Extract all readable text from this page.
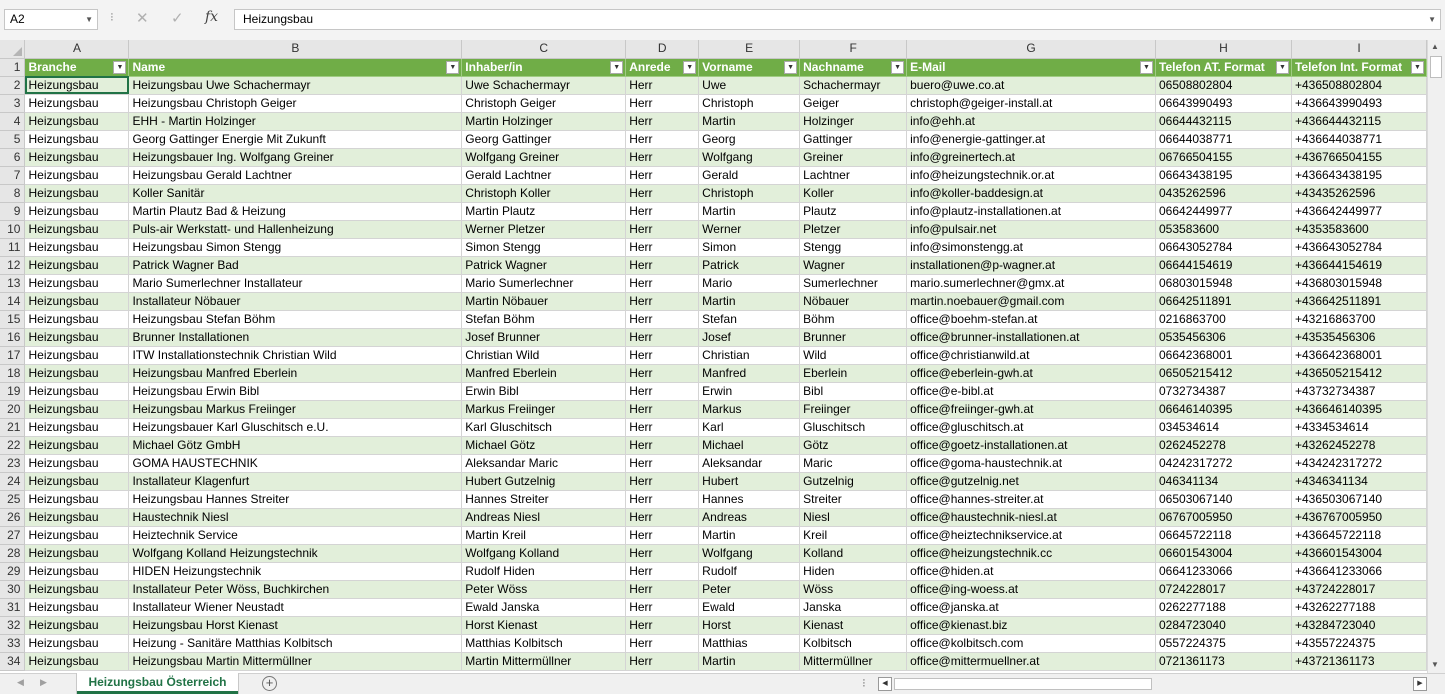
A2	▼ ⁝ ✕ ✓ fx	Heizungsbau	▼
	A	B	C	D	E	F	G	H	I
1	Branche ▼	Name ▼	Inhaber/in ▼	Anrede ▼	Vorname ▼	Nachname ▼	E-Mail ▼	Telefon AT. Format ▼	Telefon Int. Format ▼

2	Heizungsbau	Heizungsbau Uwe Schachermayr	Uwe Schachermayr	Herr	Uwe	Schachermayr	buero@uwe.co.at	06508802804	+436508802804
3	Heizungsbau	Heizungsbau Christoph Geiger	Christoph Geiger	Herr	Christoph	Geiger	christoph@geiger-install.at	06643990493	+436643990493
4	Heizungsbau	EHH - Martin Holzinger	Martin Holzinger	Herr	Martin	Holzinger	info@ehh.at	06644432115	+436644432115
5	Heizungsbau	Georg Gattinger Energie Mit Zukunft	Georg Gattinger	Herr	Georg	Gattinger	info@energie-gattinger.at	06644038771	+436644038771
6	Heizungsbau	Heizungsbauer Ing. Wolfgang Greiner	Wolfgang Greiner	Herr	Wolfgang	Greiner	info@greinertech.at	06766504155	+436766504155
7	Heizungsbau	Heizungsbau Gerald Lachtner	Gerald Lachtner	Herr	Gerald	Lachtner	info@heizungstechnik.or.at	06643438195	+436643438195
8	Heizungsbau	Koller Sanitär	Christoph Koller	Herr	Christoph	Koller	info@koller-baddesign.at	0435262596	+43435262596
9	Heizungsbau	Martin Plautz Bad & Heizung	Martin Plautz	Herr	Martin	Plautz	info@plautz-installationen.at	06642449977	+436642449977
10	Heizungsbau	Puls-air Werkstatt- und Hallenheizung	Werner Pletzer	Herr	Werner	Pletzer	info@pulsair.net	053583600	+4353583600
11	Heizungsbau	Heizungsbau Simon Stengg	Simon Stengg	Herr	Simon	Stengg	info@simonstengg.at	06643052784	+436643052784
12	Heizungsbau	Patrick Wagner Bad	Patrick Wagner	Herr	Patrick	Wagner	installationen@p-wagner.at	06644154619	+436644154619
13	Heizungsbau	Mario Sumerlechner Installateur	Mario Sumerlechner	Herr	Mario	Sumerlechner	mario.sumerlechner@gmx.at	06803015948	+436803015948
14	Heizungsbau	Installateur Nöbauer	Martin Nöbauer	Herr	Martin	Nöbauer	martin.noebauer@gmail.com	06642511891	+436642511891
15	Heizungsbau	Heizungsbau Stefan Böhm	Stefan Böhm	Herr	Stefan	Böhm	office@boehm-stefan.at	0216863700	+43216863700
16	Heizungsbau	Brunner Installationen	Josef Brunner	Herr	Josef	Brunner	office@brunner-installationen.at	0535456306	+43535456306
17	Heizungsbau	ITW Installationstechnik Christian Wild	Christian Wild	Herr	Christian	Wild	office@christianwild.at	06642368001	+436642368001
18	Heizungsbau	Heizungsbau Manfred Eberlein	Manfred Eberlein	Herr	Manfred	Eberlein	office@eberlein-gwh.at	06505215412	+436505215412
19	Heizungsbau	Heizungsbau Erwin Bibl	Erwin Bibl	Herr	Erwin	Bibl	office@e-bibl.at	0732734387	+43732734387
20	Heizungsbau	Heizungsbau Markus Freiinger	Markus Freiinger	Herr	Markus	Freiinger	office@freiinger-gwh.at	06646140395	+436646140395
21	Heizungsbau	Heizungsbauer Karl Gluschitsch e.U.	Karl Gluschitsch	Herr	Karl	Gluschitsch	office@gluschitsch.at	034534614	+4334534614
22	Heizungsbau	Michael Götz GmbH	Michael Götz	Herr	Michael	Götz	office@goetz-installationen.at	0262452278	+43262452278
23	Heizungsbau	GOMA HAUSTECHNIK	Aleksandar Maric	Herr	Aleksandar	Maric	office@goma-haustechnik.at	04242317272	+434242317272
24	Heizungsbau	Installateur Klagenfurt	Hubert Gutzelnig	Herr	Hubert	Gutzelnig	office@gutzelnig.net	046341134	+4346341134
25	Heizungsbau	Heizungsbau Hannes Streiter	Hannes Streiter	Herr	Hannes	Streiter	office@hannes-streiter.at	06503067140	+436503067140
26	Heizungsbau	Haustechnik Niesl	Andreas Niesl	Herr	Andreas	Niesl	office@haustechnik-niesl.at	06767005950	+436767005950
27	Heizungsbau	Heiztechnik Service	Martin Kreil	Herr	Martin	Kreil	office@heiztechnikservice.at	06645722118	+436645722118
28	Heizungsbau	Wolfgang Kolland Heizungstechnik	Wolfgang Kolland	Herr	Wolfgang	Kolland	office@heizungstechnik.cc	06601543004	+436601543004
29	Heizungsbau	HIDEN Heizungstechnik	Rudolf Hiden	Herr	Rudolf	Hiden	office@hiden.at	06641233066	+436641233066
30	Heizungsbau	Installateur Peter Wöss, Buchkirchen	Peter Wöss	Herr	Peter	Wöss	office@ing-woess.at	0724228017	+43724228017
31	Heizungsbau	Installateur Wiener Neustadt	Ewald Janska	Herr	Ewald	Janska	office@janska.at	0262277188	+43262277188
32	Heizungsbau	Heizungsbau Horst Kienast	Horst Kienast	Herr	Horst	Kienast	office@kienast.biz	0284723040	+43284723040
33	Heizungsbau	Heizung - Sanitäre Matthias Kolbitsch	Matthias Kolbitsch	Herr	Matthias	Kolbitsch	office@kolbitsch.com	0557224375	+43557224375
34	Heizungsbau	Heizungsbau Martin Mittermüllner	Martin Mittermüllner	Herr	Martin	Mittermüllner	office@mittermuellner.at	0721361173	+43721361173
▲
▼
◀ ▶	Heizungsbau Österreich	+	⁝	◀	▶
